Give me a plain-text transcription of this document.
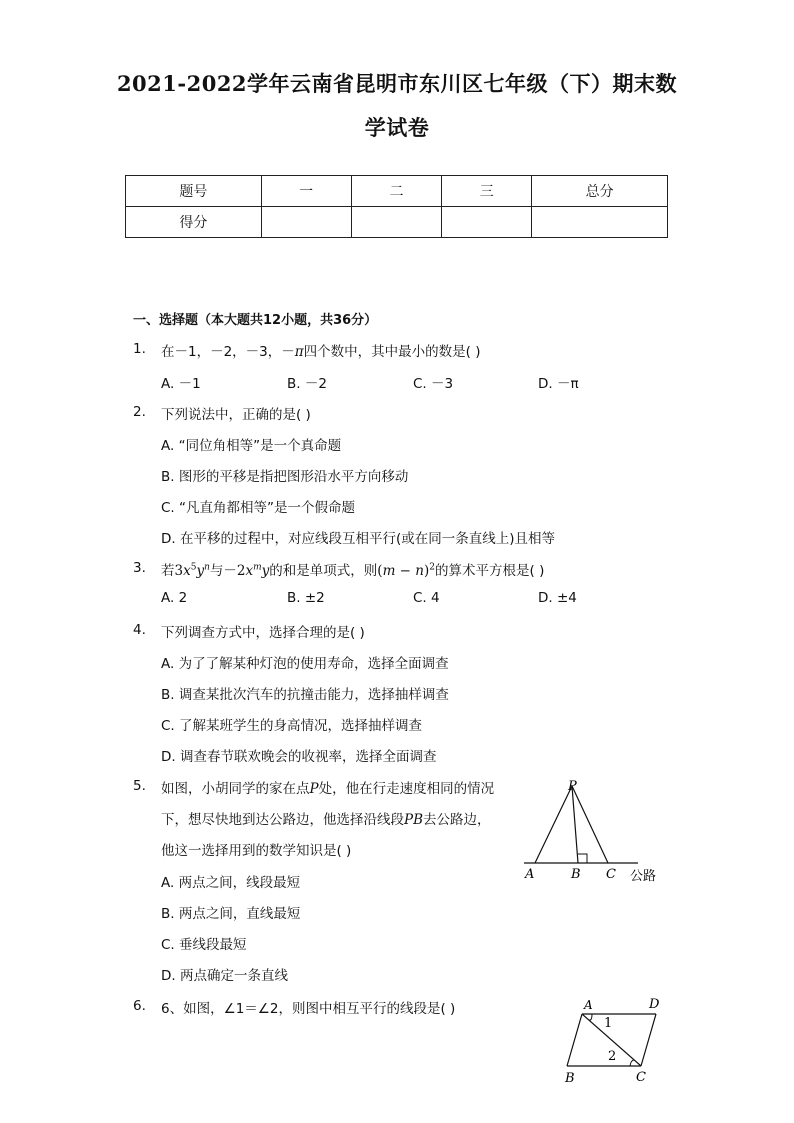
2021-2022学年云南省昆明市东川区七年级（下）期末数
学试卷
题号	一	二	三	总分
得分				
一、选择题（本大题共12小题，共36分）
1. 在－1，－2，－3，－π四个数中，其中最小的数是( )
A. －1	B. －2	C. －3	D. －π
2. 下列说法中，正确的是( )
A. “同位角相等”是一个真命题
B. 图形的平移是指把图形沿水平方向移动
C. “凡直角都相等”是一个假命题
D. 在平移的过程中，对应线段互相平行(或在同一条直线上)且相等
3. 若$3x^5y^n$与$-2x^my$的和是单项式，则$(m - n)^2$的算术平方根是( )
A. 2	B. ±2	C. 4	D. ±4
4. 下列调查方式中，选择合理的是( )
A. 为了了解某种灯泡的使用寿命，选择全面调查
B. 调查某批次汽车的抗撞击能力，选择抽样调查
C. 了解某班学生的身高情况，选择抽样调查
D. 调查春节联欢晚会的收视率，选择全面调查
5. 如图，小胡同学的家在点P处，他在行走速度相同的情况
下，想尽快地到达公路边，他选择沿线段PB去公路边，
他这一选择用到的数学知识是( )
A. 两点之间，线段最短
B. 两点之间，直线最短
C. 垂线段最短
D. 两点确定一条直线
P
A	B C 公路
6. 6、如图，∠1＝∠2，则图中相互平行的线段是( )	A	D
B	C
1
2
